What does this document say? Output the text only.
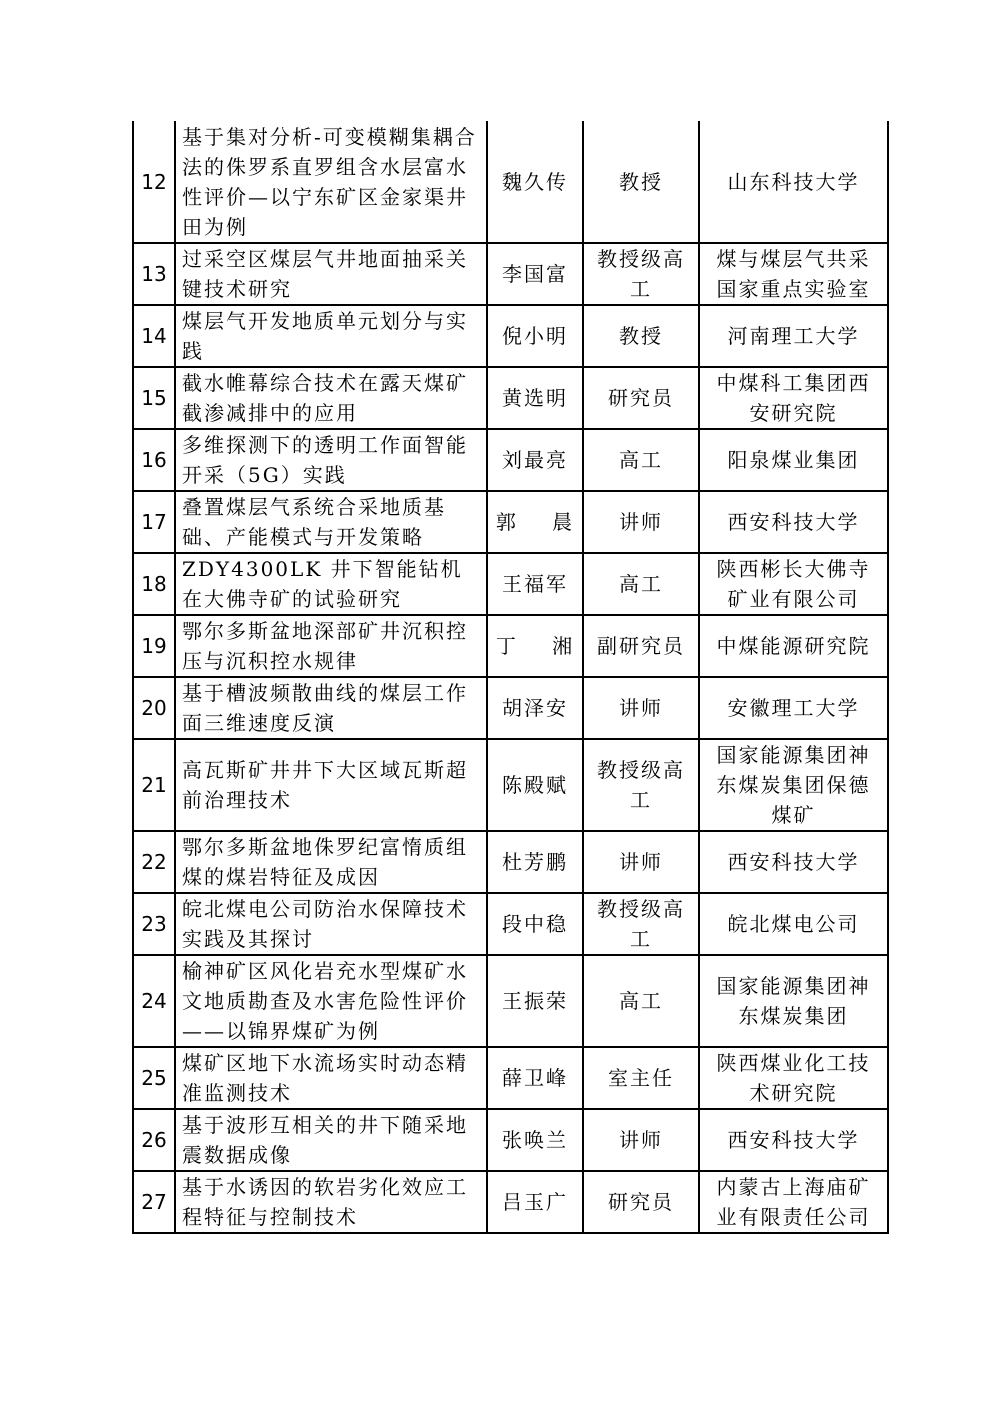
12	基于集对分析-可变模糊集耦合法的侏罗系直罗组含水层富水性评价—以宁东矿区金家渠井田为例	魏久传	教授	山东科技大学
13	过采空区煤层气井地面抽采关键技术研究	李国富	教授级高工	煤与煤层气共采国家重点实验室
14	煤层气开发地质单元划分与实践	倪小明	教授	河南理工大学
15	截水帷幕综合技术在露天煤矿截渗减排中的应用	黄选明	研究员	中煤科工集团西安研究院
16	多维探测下的透明工作面智能开采（5G）实践	刘最亮	高工	阳泉煤业集团
17	叠置煤层气系统合采地质基础、产能模式与开发策略	郭 晨	讲师	西安科技大学
18	ZDY4300LK 井下智能钻机在大佛寺矿的试验研究	王福军	高工	陕西彬长大佛寺矿业有限公司
19	鄂尔多斯盆地深部矿井沉积控压与沉积控水规律	丁 湘	副研究员	中煤能源研究院
20	基于槽波频散曲线的煤层工作面三维速度反演	胡泽安	讲师	安徽理工大学
21	高瓦斯矿井井下大区域瓦斯超前治理技术	陈殿赋	教授级高工	国家能源集团神东煤炭集团保德煤矿
22	鄂尔多斯盆地侏罗纪富惰质组煤的煤岩特征及成因	杜芳鹏	讲师	西安科技大学
23	皖北煤电公司防治水保障技术实践及其探讨	段中稳	教授级高工	皖北煤电公司
24	榆神矿区风化岩充水型煤矿水文地质勘查及水害危险性评价——以锦界煤矿为例	王振荣	高工	国家能源集团神东煤炭集团
25	煤矿区地下水流场实时动态精准监测技术	薛卫峰	室主任	陕西煤业化工技术研究院
26	基于波形互相关的井下随采地震数据成像	张唤兰	讲师	西安科技大学
27	基于水诱因的软岩劣化效应工程特征与控制技术	吕玉广	研究员	内蒙古上海庙矿业有限责任公司
